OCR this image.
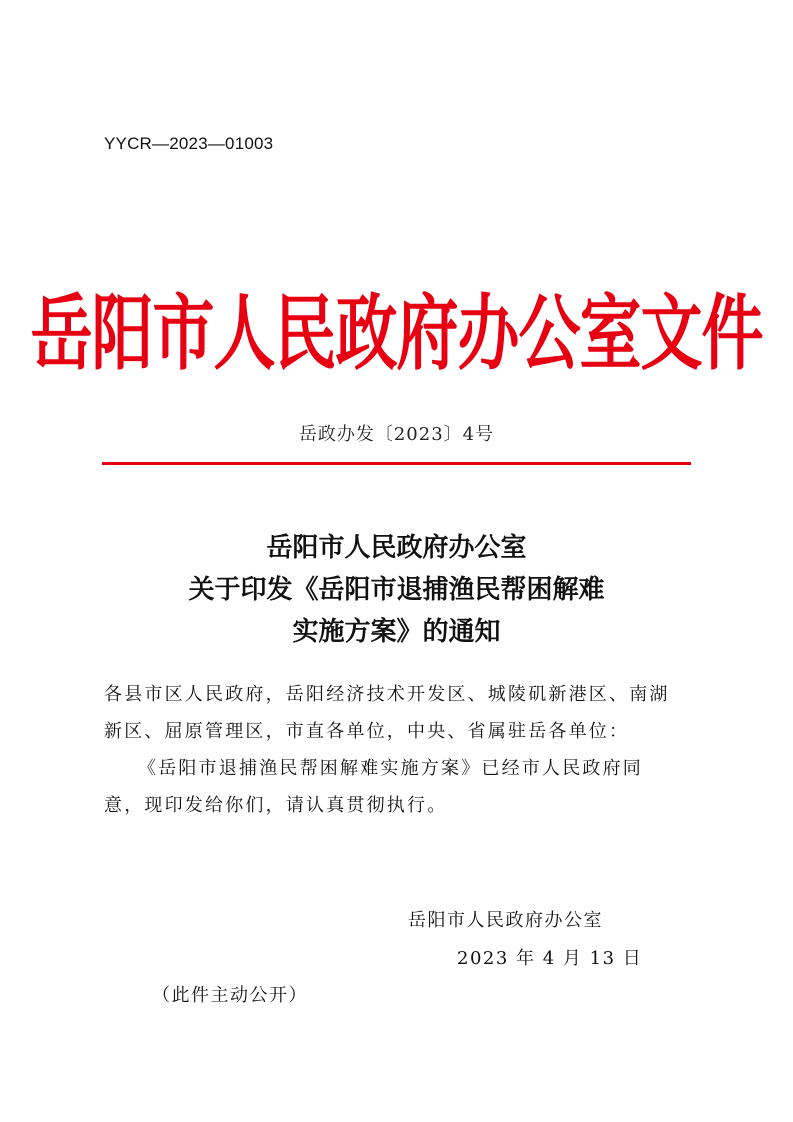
YYCR—2023—01003
岳阳市人民政府办公室文件
岳政办发〔2023〕4号
岳阳市人民政府办公室
关于印发《岳阳市退捕渔民帮困解难
实施方案》的通知

各县市区人民政府，岳阳经济技术开发区、城陵矶新港区、南湖

新区、屈原管理区，市直各单位，中央、省属驻岳各单位：

《岳阳市退捕渔民帮困解难实施方案》已经市人民政府同

意，现印发给你们，请认真贯彻执行。

岳阳市人民政府办公室
2023 年 4 月 13 日
（此件主动公开）
